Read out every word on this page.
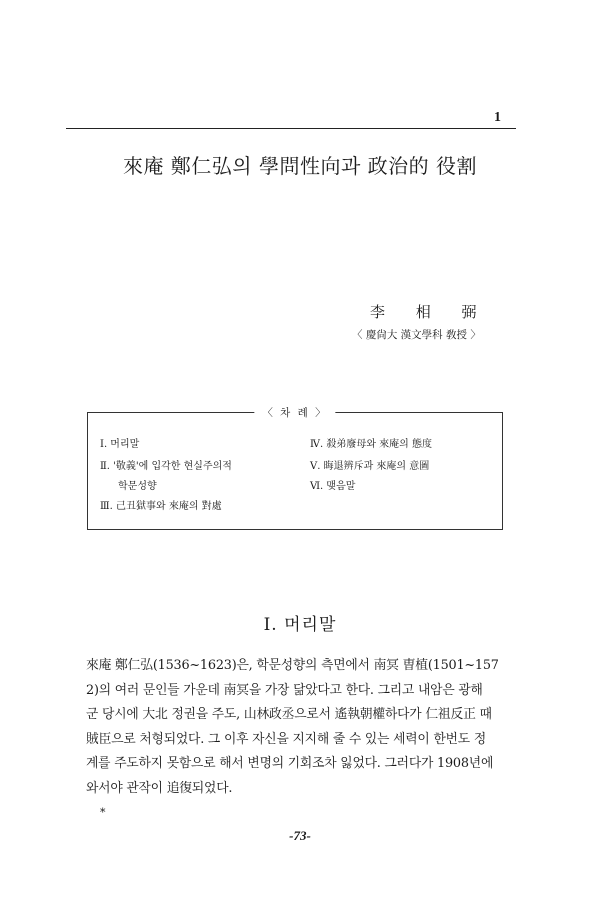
1
來庵 鄭仁弘의 學問性向과 政治的 役割
李 相 弼
〈 慶尙大 漢文學科 敎授 〉
〈 차 례 〉
Ⅰ. 머리말
Ⅱ. '敬義'에 입각한 현실주의적
학문성향
Ⅲ. 己丑獄事와 來庵의 對處
Ⅳ. 殺弟廢母와 來庵의 態度
Ⅴ. 晦退辨斥과 來庵의 意圖
Ⅵ. 맺음말
Ⅰ. 머리말
來庵 鄭仁弘(1536~1623)은, 학문성향의 측면에서 南冥 曺植(1501~157
2)의 여러 문인들 가운데 南冥을 가장 닮았다고 한다. 그리고 내암은 광해
군 당시에 大北 정권을 주도, 山林政丞으로서 遙執朝權하다가 仁祖反正 때
賊臣으로 처형되었다. 그 이후 자신을 지지해 줄 수 있는 세력이 한번도 정
계를 주도하지 못함으로 해서 변명의 기회조차 잃었다. 그러다가 1908년에
와서야 관작이 追復되었다.
*
-73-
